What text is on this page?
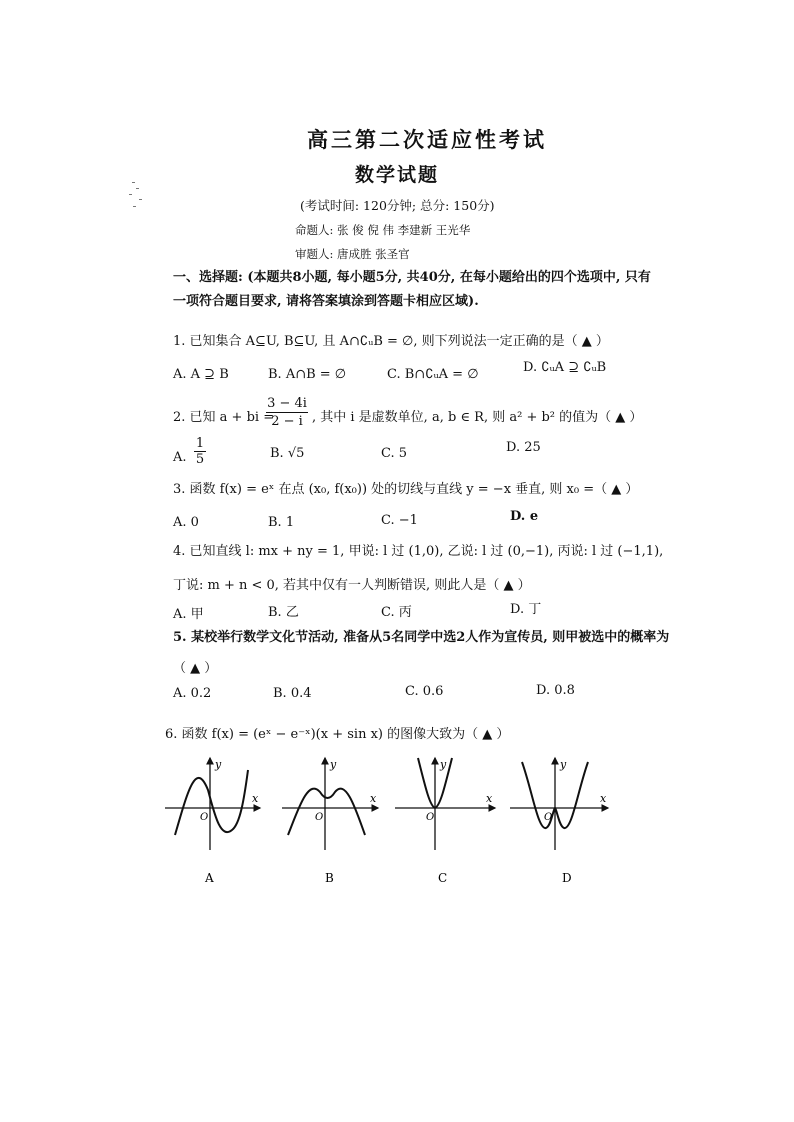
高三第二次适应性考试
数学试题
(考试时间: 120分钟; 总分: 150分)
命题人: 张 俊 倪 伟 李建新 王光华
审题人: 唐成胜 张圣官
一、选择题: (本题共8小题, 每小题5分, 共40分, 在每小题给出的四个选项中, 只有
一项符合题目要求, 请将答案填涂到答题卡相应区域).
1. 已知集合 A⊆U, B⊆U, 且 A∩∁ᵤB = ∅, 则下列说法一定正确的是（ ▲ ）
A. A ⊇ B	B. A∩B = ∅	C. B∩∁ᵤA = ∅	D. ∁ᵤA ⊇ ∁ᵤB
2. 已知 a + bi =
$\frac{3 - 4i}{2 - i}$ , 其中 i 是虚数单位, a, b ∈ R, 则 a² + b² 的值为（ ▲ ）
A. $\frac{1}{5}$	B. √5	C. 5	D. 25
3. 函数 f(x) = eˣ 在点 (x₀, f(x₀)) 处的切线与直线 y = −x 垂直, 则 x₀ =（ ▲ ）
A. 0	B. 1	C. −1	D. e
4. 已知直线 l: mx + ny = 1, 甲说: l 过 (1,0), 乙说: l 过 (0,−1), 丙说: l 过 (−1,1),
丁说: m + n < 0, 若其中仅有一人判断错误, 则此人是（ ▲ ）
A. 甲	B. 乙	C. 丙	D. 丁
5. 某校举行数学文化节活动, 准备从5名同学中选2人作为宣传员, 则甲被选中的概率为
（ ▲ ）
A. 0.2	B. 0.4	C. 0.6	D. 0.8
6. 函数 f(x) = (eˣ − e⁻ˣ)(x + sin x) 的图像大致为（ ▲ ）
x
y
O
A
x
y
O
B
x
y
O
C
x
y
O
D
